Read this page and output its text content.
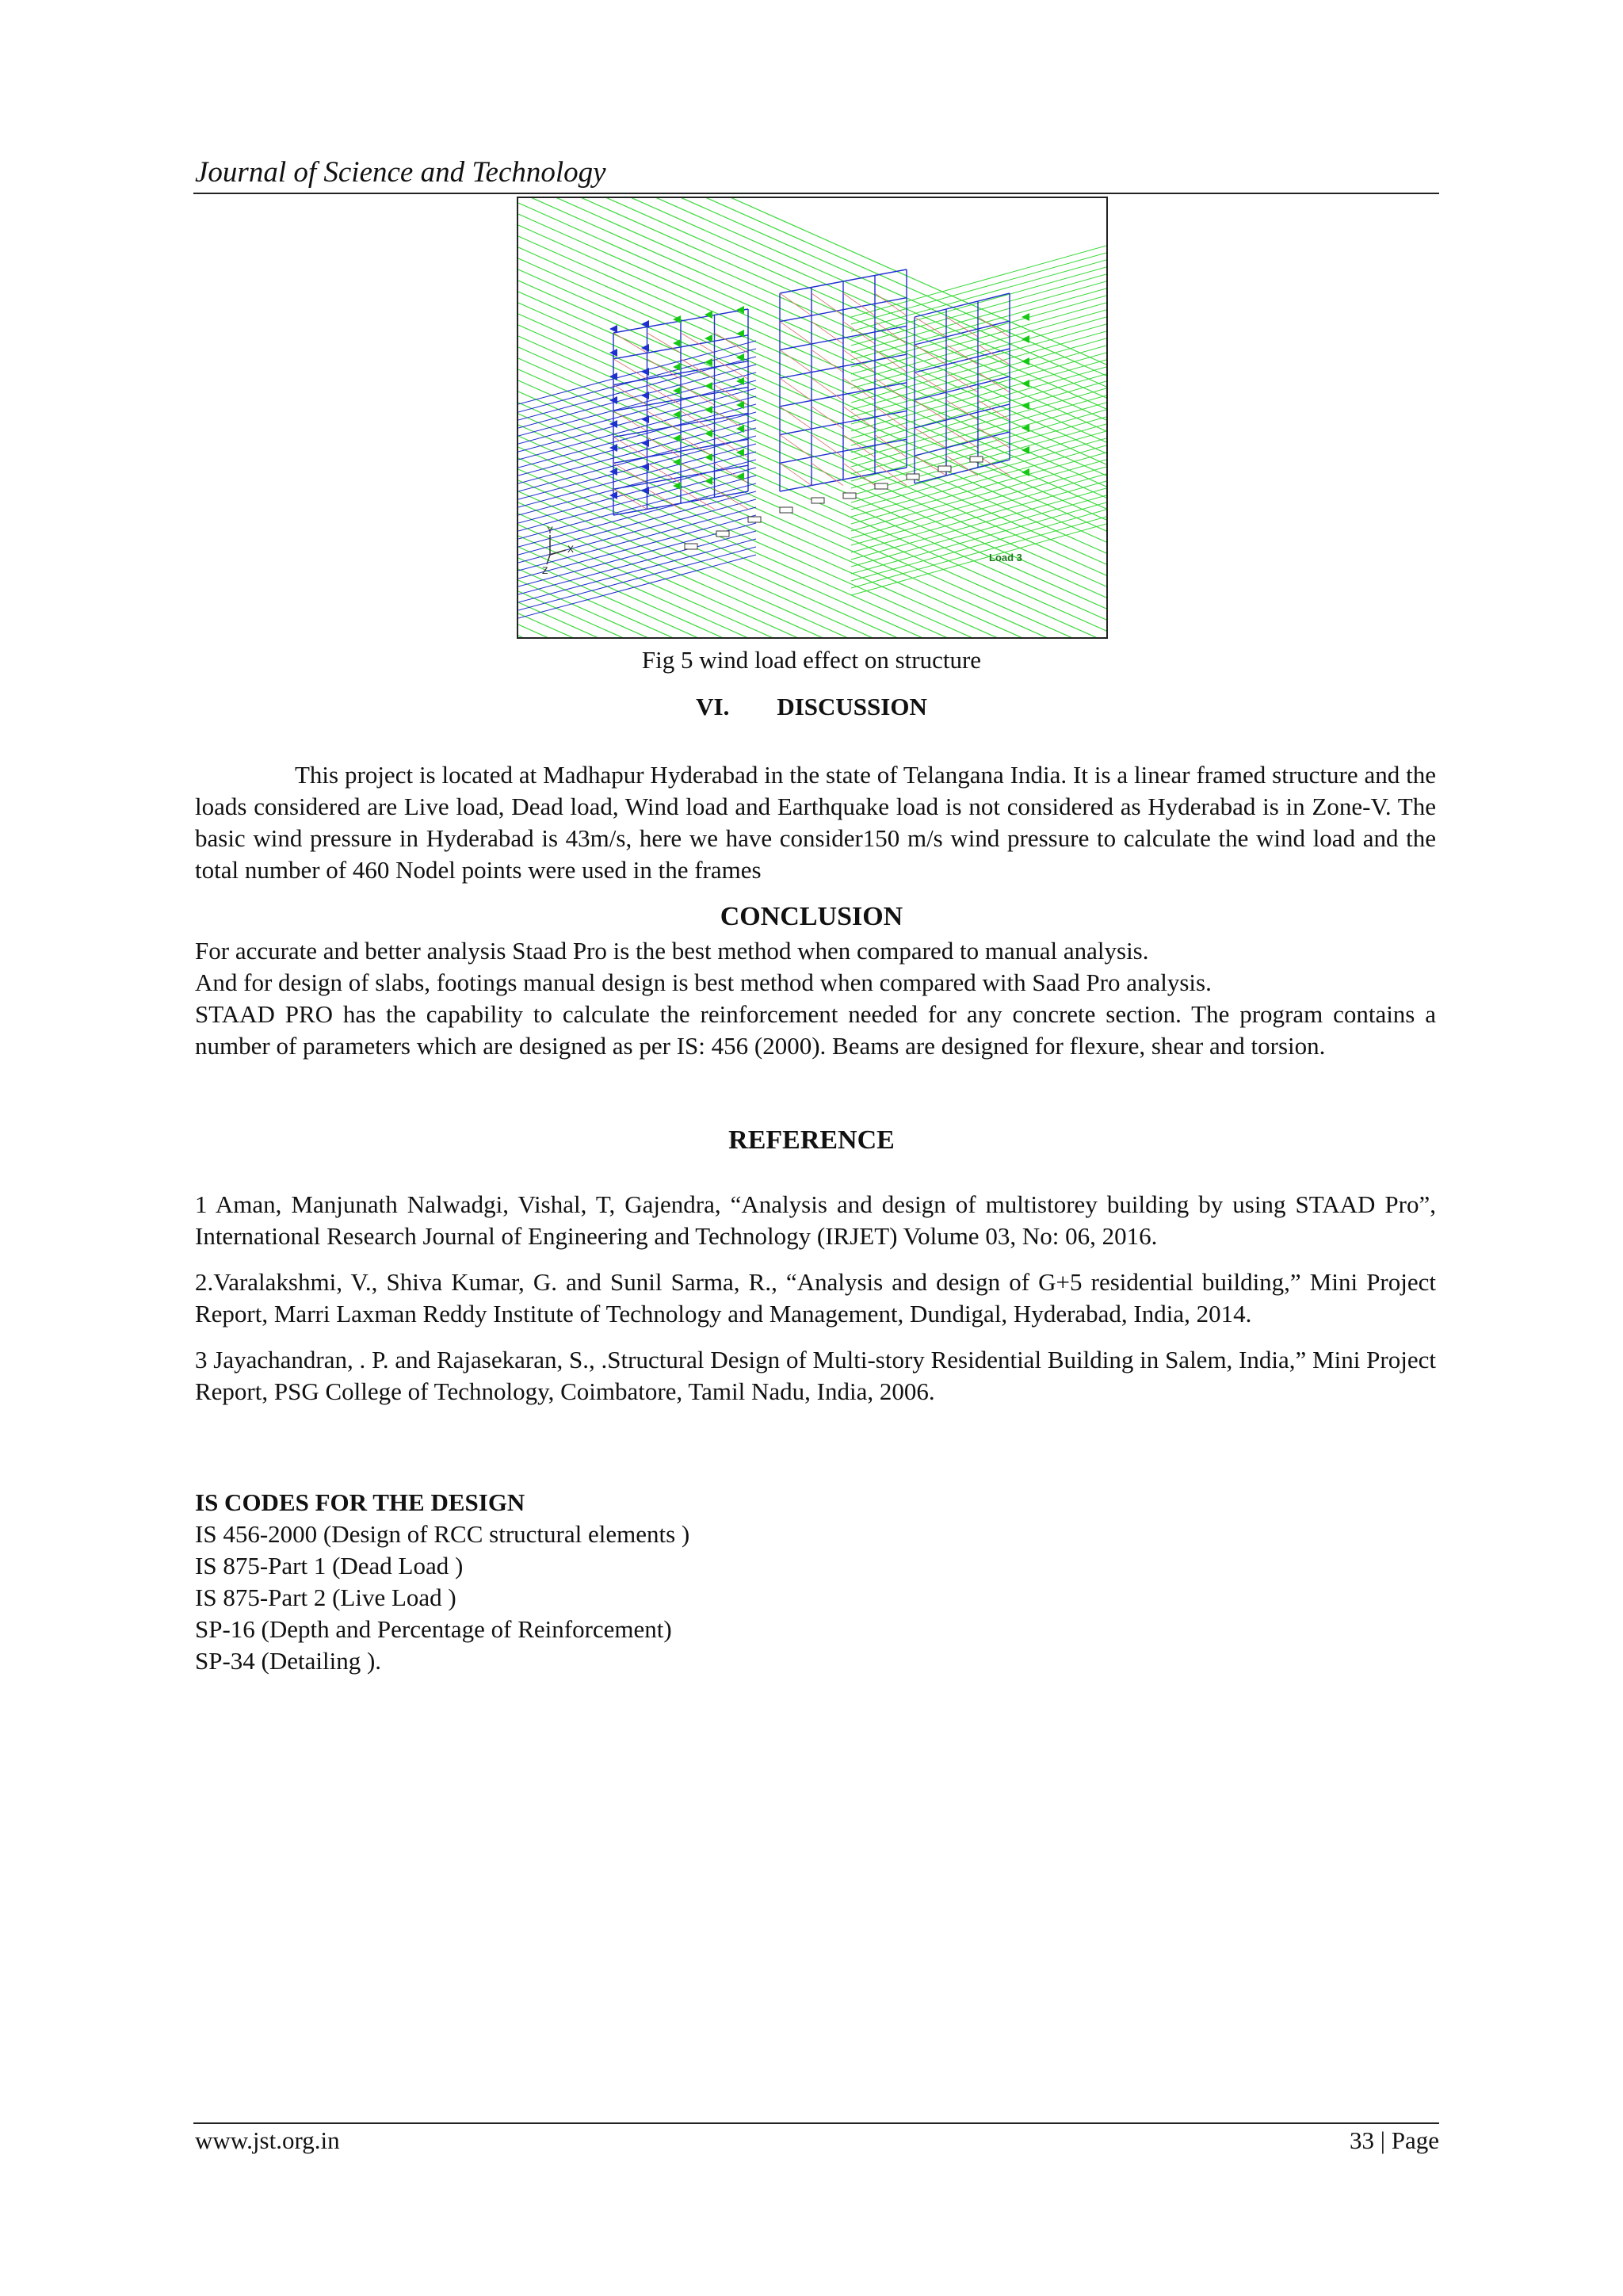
Journal of Science and Technology
Y
X
Z
Load 3
Fig 5 wind load effect on structure
VI. DISCUSSION
This project is located at Madhapur Hyderabad in the state of Telangana India. It is a linear framed structure and the loads considered are Live load, Dead load, Wind load and Earthquake load is not considered as Hyderabad is in Zone-V. The basic wind pressure in Hyderabad is 43m/s, here we have consider150 m/s wind pressure to calculate the wind load and the total number of 460 Nodel points were used in the frames
CONCLUSION

For accurate and better analysis Staad Pro is the best method when compared to manual analysis.

And for design of slabs, footings manual design is best method when compared with Saad Pro analysis.

STAAD PRO has the capability to calculate the reinforcement needed for any concrete section. The program contains a number of parameters which are designed as per IS: 456 (2000). Beams are designed for flexure, shear and torsion.

REFERENCE

1 Aman, Manjunath Nalwadgi, Vishal, T, Gajendra, “Analysis and design of multistorey building by using STAAD Pro”, International Research Journal of Engineering and Technology (IRJET) Volume 03, No: 06, 2016.

2.Varalakshmi, V., Shiva Kumar, G. and Sunil Sarma, R., “Analysis and design of G+5 residential building,” Mini Project Report, Marri Laxman Reddy Institute of Technology and Management, Dundigal, Hyderabad, India, 2014.

3 Jayachandran, . P. and Rajasekaran, S., .Structural Design of Multi-story Residential Building in Salem, India,” Mini Project Report, PSG College of Technology, Coimbatore, Tamil Nadu, India, 2006.

IS CODES FOR THE DESIGN
IS 456-2000 (Design of RCC structural elements )
IS 875-Part 1 (Dead Load )
IS 875-Part 2 (Live Load )
SP-16 (Depth and Percentage of Reinforcement)
SP-34 (Detailing ).
www.jst.org.in	33 | Page
